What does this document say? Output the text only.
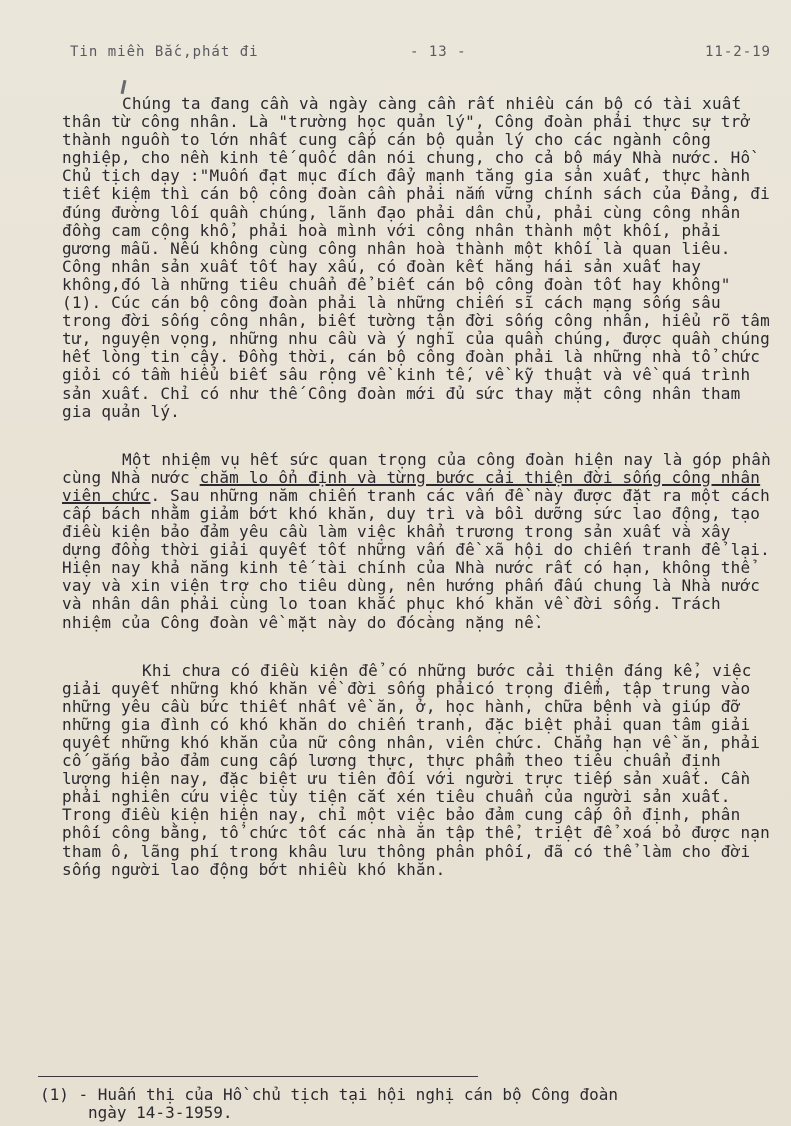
Tin miền Bắc,phát đi	- 13 -	11-2-19

Chúng ta đang cần và ngày càng cần rất nhiều cán bộ có tài xuất thân từ công nhân. Là "trường học quản lý", Công đoàn phải thực sự trở thành nguồn to lớn nhất cung cấp cán bộ quản lý cho các ngành công nghiệp, cho nền kinh tế quốc dân nói chung, cho cả bộ máy Nhà nước. Hồ Chủ tịch dạy :"Muốn đạt mục đích đẩy mạnh tăng gia sản xuất, thực hành tiết kiệm thì cán bộ công đoàn cần phải nắm vững chính sách của Đảng, đi đúng đường lối quần chúng, lãnh đạo phải dân chủ, phải cùng công nhân đồng cam cộng khổ, phải hoà mình với công nhân thành một khối, phải gương mẫu. Nếu không cùng công nhân hoà thành một khối là quan liêu. Công nhân sản xuất tốt hay xấu, có đoàn kết hăng hái sản xuất hay không,đó là những tiêu chuẩn để biết cán bộ công đoàn tốt hay không" (1). Cúc cán bộ công đoàn phải là những chiến sĩ cách mạng sống sâu trong đời sống công nhân, biết tường tận đời sống công nhân, hiểu rõ tâm tư, nguyện vọng, những nhu cầu và ý nghĩ của quần chúng, được quần chúng hết lòng tin cậy. Đồng thời, cán bộ công đoàn phải là những nhà tổ chức giỏi có tầm hiểu biết sâu rộng về kinh tế, về kỹ thuật và về quá trình sản xuất. Chỉ có như thế Công đoàn mới đủ sức thay mặt công nhân tham gia quản lý.

Một nhiệm vụ hết sức quan trọng của công đoàn hiện nay là góp phần cùng Nhà nước chăm lo ổn định và từng bước cải thiện đời sống công nhân viên chức. Sau những năm chiến tranh các vấn đề này được đặt ra một cách cấp bách nhằm giảm bớt khó khăn, duy trì và bồi dưỡng sức lao động, tạo điều kiện bảo đảm yêu cầu làm việc khẩn trương trong sản xuất và xây dựng đồng thời giải quyết tốt những vấn đề xã hội do chiến tranh để lại. Hiện nay khả năng kinh tế tài chính của Nhà nước rất có hạn, không thể vay và xin viện trợ cho tiêu dùng, nên hướng phấn đấu chung là Nhà nước và nhân dân phải cùng lo toan khắc phục khó khăn về đời sống. Trách nhiệm của Công đoàn về mặt này do đócàng nặng nề.

Khi chưa có điều kiện để có những bước cải thiện đáng kể, việc giải quyết những khó khăn về đời sống phảicó trọng điểm, tập trung vào những yêu cầu bức thiết nhất về ăn, ở, học hành, chữa bệnh và giúp đỡ những gia đình có khó khăn do chiến tranh, đặc biệt phải quan tâm giải quyết những khó khăn của nữ công nhân, viên chức. Chẳng hạn về ăn, phải cố gắng bảo đảm cung cấp lương thực, thực phẩm theo tiêu chuẩn định lượng hiện nay, đặc biệt ưu tiên đối với người trực tiếp sản xuất. Cần phải nghiên cứu việc tùy tiện cắt xén tiêu chuẩn của người sản xuất. Trong điều kiện hiện nay, chỉ một việc bảo đảm cung cấp ổn định, phân phối công bằng, tổ chức tốt các nhà ăn tập thể, triệt để xoá bỏ được nạn tham ô, lãng phí trong khâu lưu thông phân phối, đã có thể làm cho đời sống người lao động bớt nhiều khó khăn.

(1) - Huấn thị của Hồ chủ tịch tại hội nghị cán bộ Công đoàn
ngày 14-3-1959.
